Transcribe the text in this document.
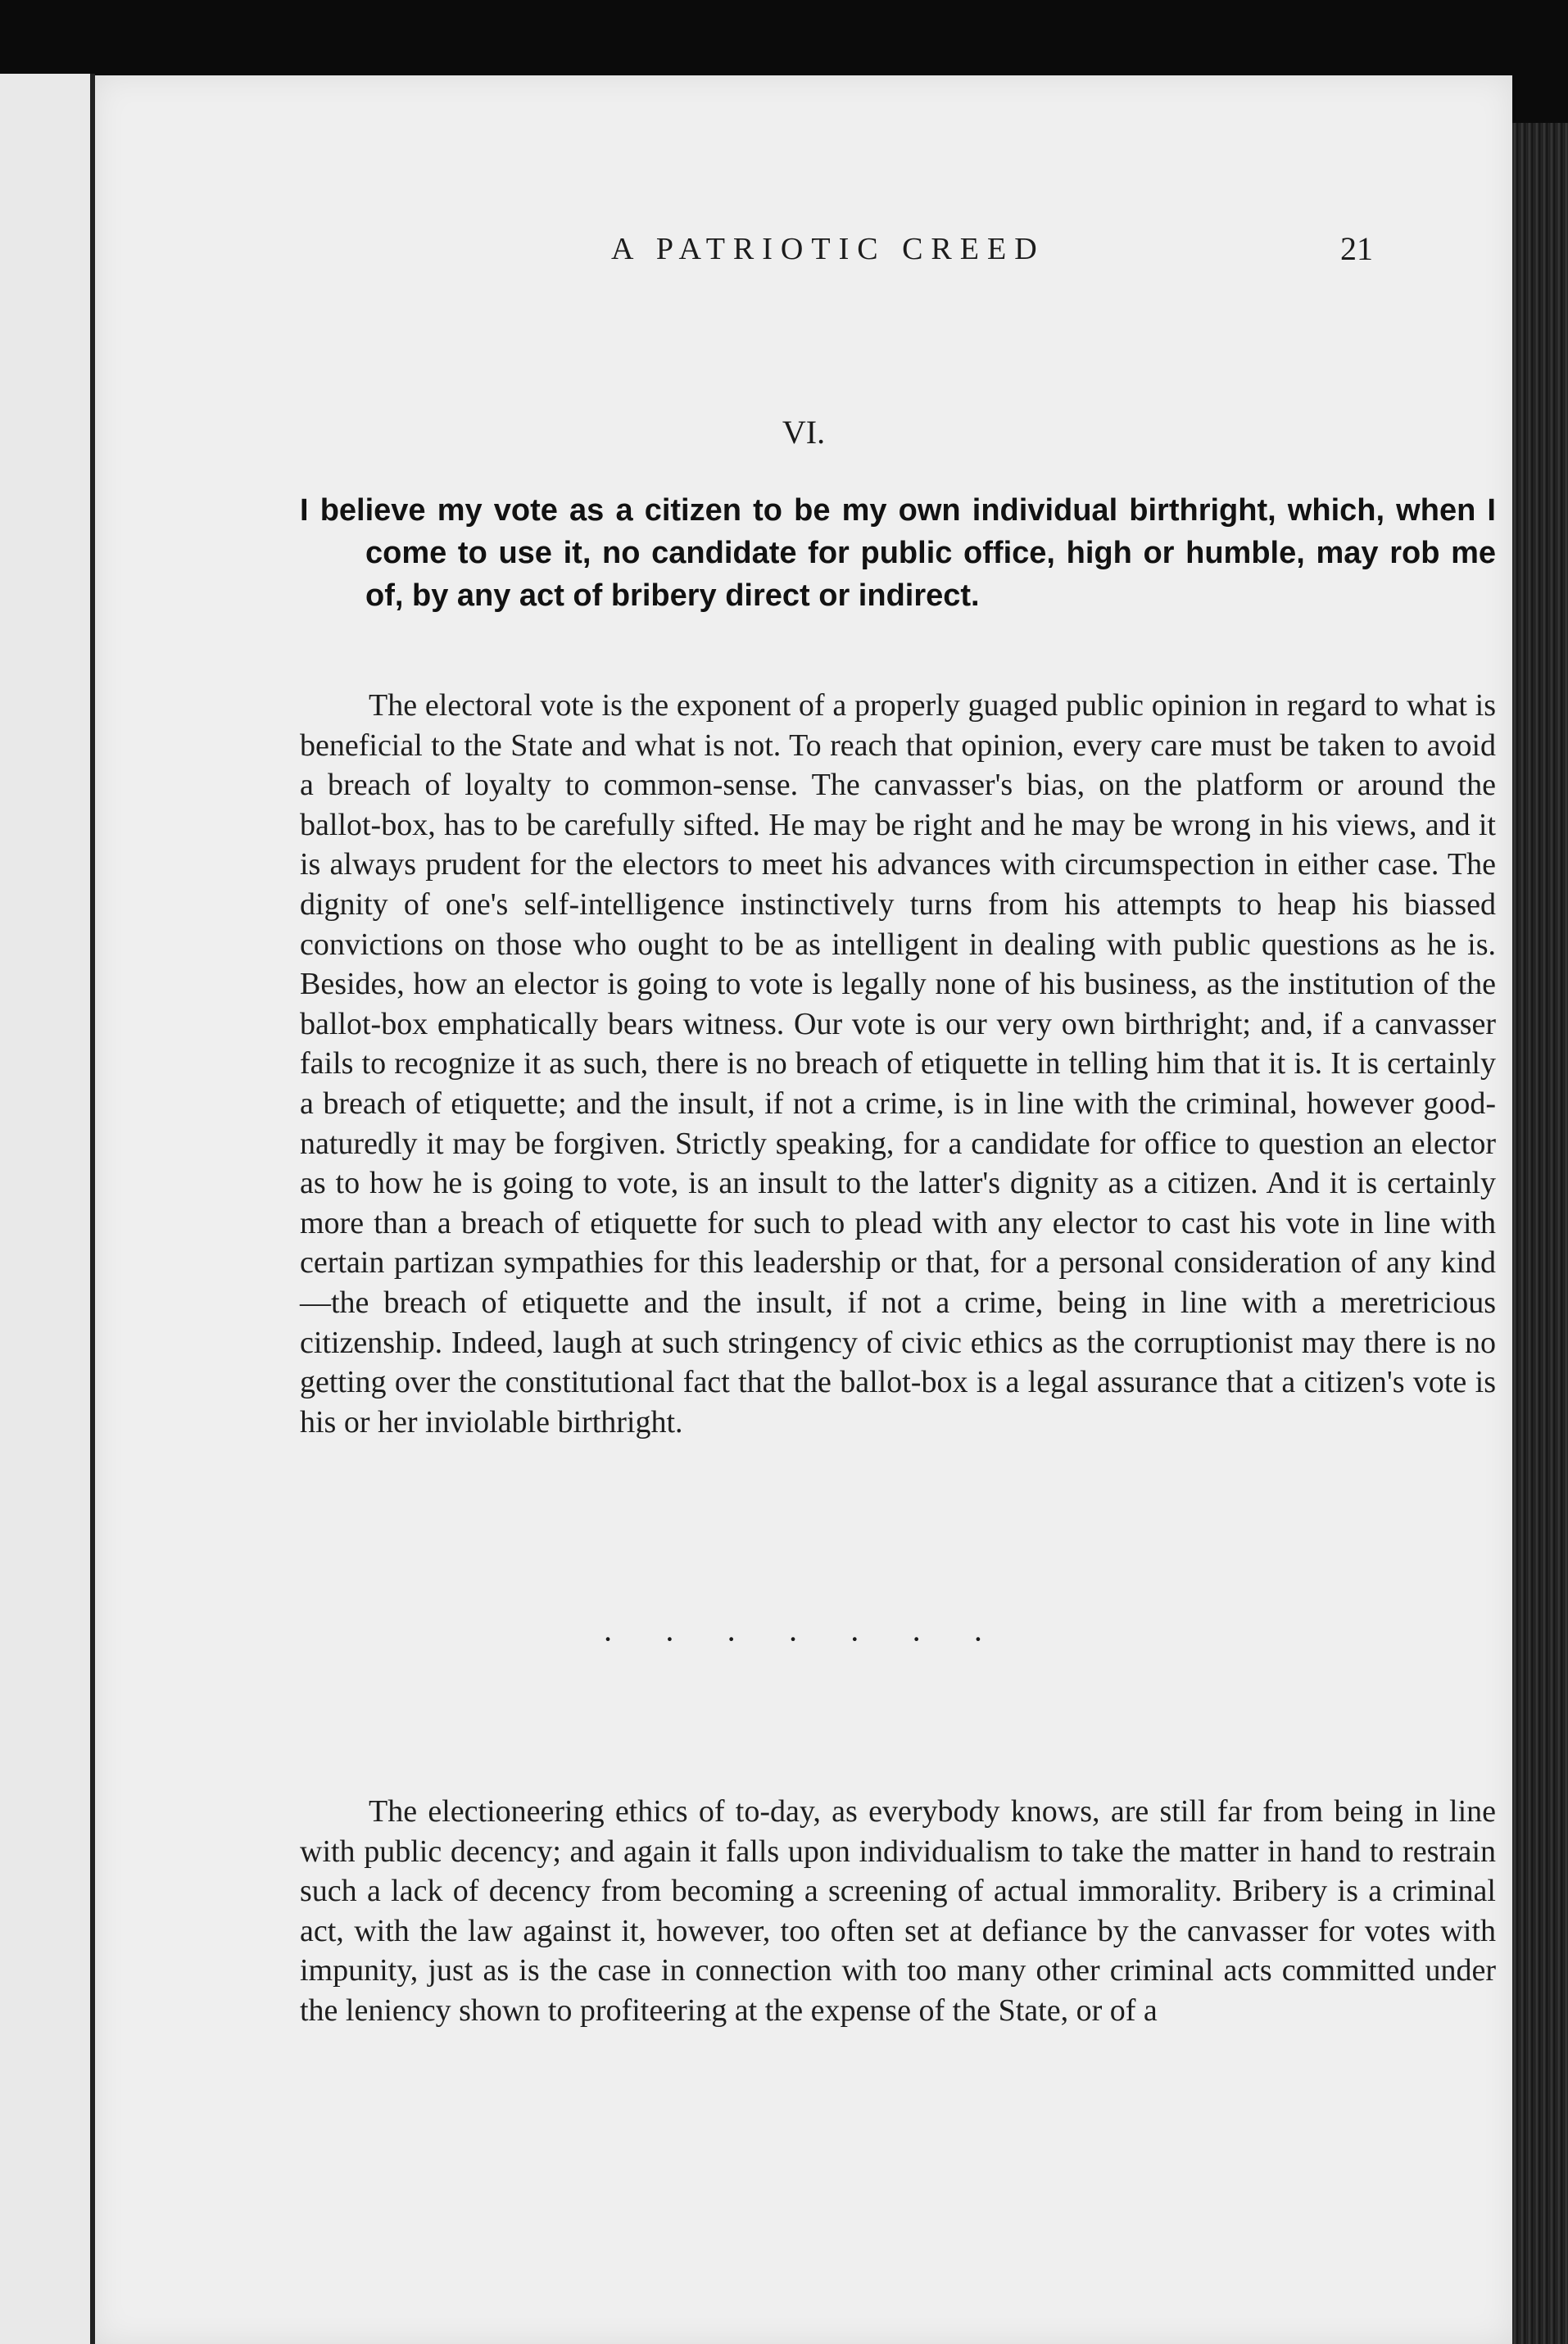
A PATRIOTIC CREED	21
VI.
I believe my vote as a citizen to be my own individual birthright, which, when I come to use it, no candidate for public office, high or humble, may rob me of, by any act of bribery direct or indirect.

The electoral vote is the exponent of a properly guaged public opinion in regard to what is beneficial to the State and what is not. To reach that opinion, every care must be taken to avoid a breach of loyalty to common-sense. The canvasser's bias, on the platform or around the ballot-box, has to be carefully sifted. He may be right and he may be wrong in his views, and it is always prudent for the electors to meet his advances with circumspection in either case. The dignity of one's self-intelligence instinctively turns from his attempts to heap his biassed convictions on those who ought to be as intelligent in dealing with public questions as he is. Besides, how an elector is going to vote is legally none of his business, as the institution of the ballot-box emphatically bears witness. Our vote is our very own birthright; and, if a canvasser fails to recognize it as such, there is no breach of etiquette in telling him that it is. It is certainly a breach of etiquette; and the insult, if not a crime, is in line with the criminal, however good-naturedly it may be forgiven. Strictly speaking, for a candidate for office to question an elector as to how he is going to vote, is an insult to the latter's dignity as a citizen. And it is certainly more than a breach of etiquette for such to plead with any elector to cast his vote in line with certain partizan sympathies for this leadership or that, for a personal consideration of any kind—the breach of etiquette and the insult, if not a crime, being in line with a meretricious citizenship. Indeed, laugh at such stringency of civic ethics as the corruptionist may there is no getting over the constitutional fact that the ballot-box is a legal assurance that a citizen's vote is his or her inviolable birthright.

· · · · · · ·

The electioneering ethics of to-day, as everybody knows, are still far from being in line with public decency; and again it falls upon individualism to take the matter in hand to restrain such a lack of decency from becoming a screening of actual immorality. Bribery is a criminal act, with the law against it, however, too often set at defiance by the canvasser for votes with impunity, just as is the case in connection with too many other criminal acts committed under the leniency shown to profiteering at the expense of the State, or of a
